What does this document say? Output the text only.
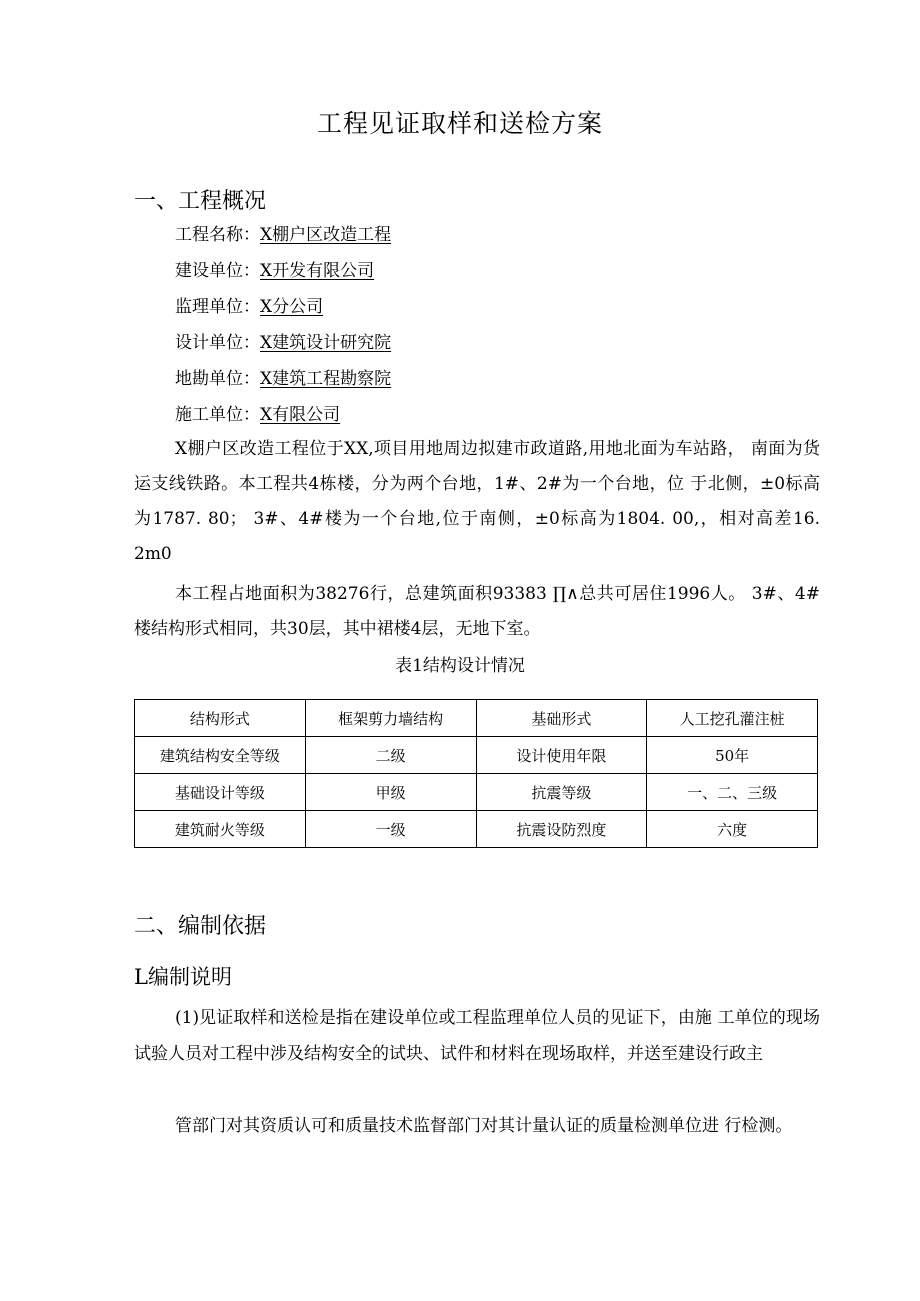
工程见证取样和送检方案
一、工程概况
工程名称：X棚户区改造工程
建设单位：X开发有限公司
监理单位：X分公司
设计单位：X建筑设计研究院
地勘单位：X建筑工程勘察院
施工单位：X有限公司
X棚户区改造工程位于XX,项目用地周边拟建市政道路,用地北面为车站路， 南面为货运支线铁路。本工程共4栋楼，分为两个台地，1#、2#为一个台地，位 于北侧，±0标高为1787. 80； 3#、4#楼为一个台地,位于南侧，±0标高为1804. 00,，相对高差16. 2m0
本工程占地面积为38276行，总建筑面积93383 ∏∧总共可居住1996人。 3#、4#楼结构形式相同，共30层，其中裙楼4层，无地下室。
表1结构设计情况
结构形式	框架剪力墙结构	基础形式	人工挖孔灌注桩
建筑结构安全等级	二级	设计使用年限	50年
基础设计等级	甲级	抗震等级	一、二、三级
建筑耐火等级	一级	抗震设防烈度	六度
二、编制依据
L编制说明
(1)见证取样和送检是指在建设单位或工程监理单位人员的见证下，由施 工单位的现场试验人员对工程中涉及结构安全的试块、试件和材料在现场取样，并送至建设行政主
管部门对其资质认可和质量技术监督部门对其计量认证的质量检测单位进 行检测。
